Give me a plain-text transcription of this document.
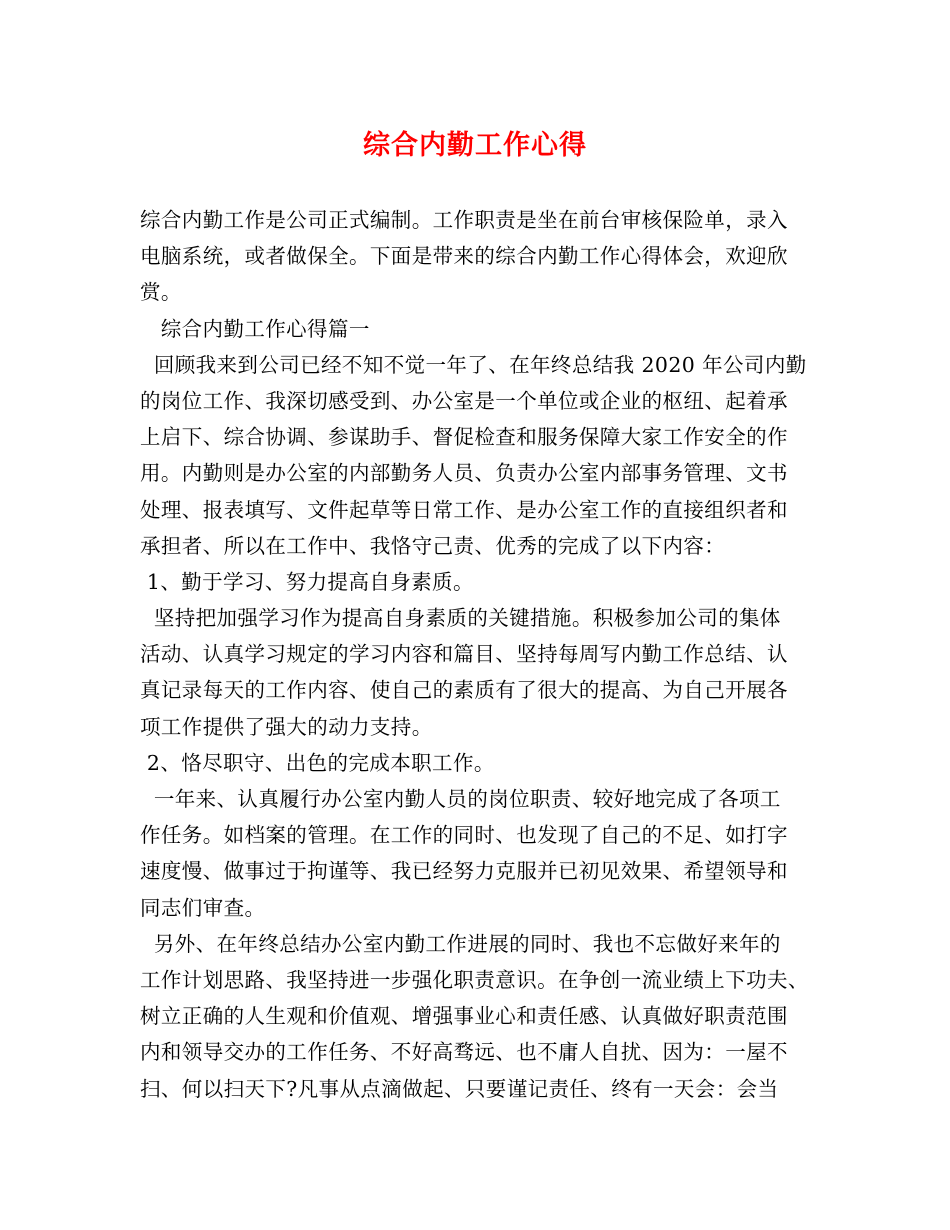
综合内勤工作心得
综合内勤工作是公司正式编制。工作职责是坐在前台审核保险单，录入
电脑系统，或者做保全。下面是带来的综合内勤工作心得体会，欢迎欣
赏。
综合内勤工作心得篇一
回顾我来到公司已经不知不觉一年了、在年终总结我 2020 年公司内勤
的岗位工作、我深切感受到、办公室是一个单位或企业的枢纽、起着承
上启下、综合协调、参谋助手、督促检查和服务保障大家工作安全的作
用。内勤则是办公室的内部勤务人员、负责办公室内部事务管理、文书
处理、报表填写、文件起草等日常工作、是办公室工作的直接组织者和
承担者、所以在工作中、我恪守己责、优秀的完成了以下内容：
1、勤于学习、努力提高自身素质。
坚持把加强学习作为提高自身素质的关键措施。积极参加公司的集体
活动、认真学习规定的学习内容和篇目、坚持每周写内勤工作总结、认
真记录每天的工作内容、使自己的素质有了很大的提高、为自己开展各
项工作提供了强大的动力支持。
2、恪尽职守、出色的完成本职工作。
一年来、认真履行办公室内勤人员的岗位职责、较好地完成了各项工
作任务。如档案的管理。在工作的同时、也发现了自己的不足、如打字
速度慢、做事过于拘谨等、我已经努力克服并已初见效果、希望领导和
同志们审查。
另外、在年终总结办公室内勤工作进展的同时、我也不忘做好来年的
工作计划思路、我坚持进一步强化职责意识。在争创一流业绩上下功夫、
树立正确的人生观和价值观、增强事业心和责任感、认真做好职责范围
内和领导交办的工作任务、不好高骛远、也不庸人自扰、因为：一屋不
扫、何以扫天下?凡事从点滴做起、只要谨记责任、终有一天会：会当
